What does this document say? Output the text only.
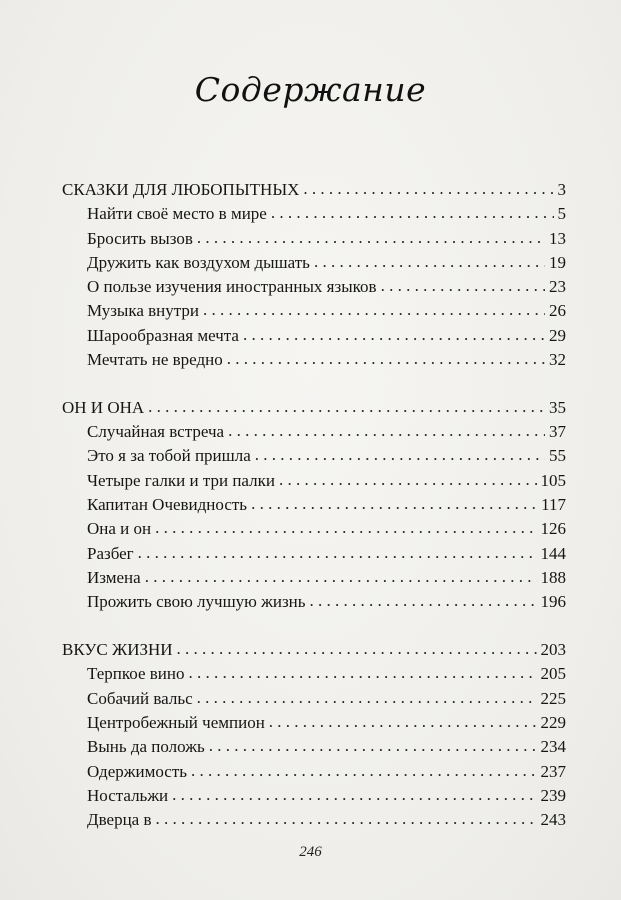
Содержание
СКАЗКИ ДЛЯ ЛЮБОПЫТНЫХ . . .	3
Найти своё место в мире . . .	5
Бросить вызов . . .	13
Дружить как воздухом дышать . . .	19
О пользе изучения иностранных языков . . .	23
Музыка внутри . . .	26
Шарообразная мечта . . .	29
Мечтать не вредно . . .	32
ОН И ОНА . . .	35
Случайная встреча . . .	37
Это я за тобой пришла . . .	55
Четыре галки и три палки . . .	105
Капитан Очевидность . . .	117
Она и он . . .	126
Разбег . . .	144
Измена . . .	188
Прожить свою лучшую жизнь . . .	196
ВКУС ЖИЗНИ . . .	203
Терпкое вино . . .	205
Собачий вальс . . .	225
Центробежный чемпион . . .	229
Вынь да положь . . .	234
Одержимость . . .	237
Ностальжи . . .	239
Дверца в . . .	243
246
